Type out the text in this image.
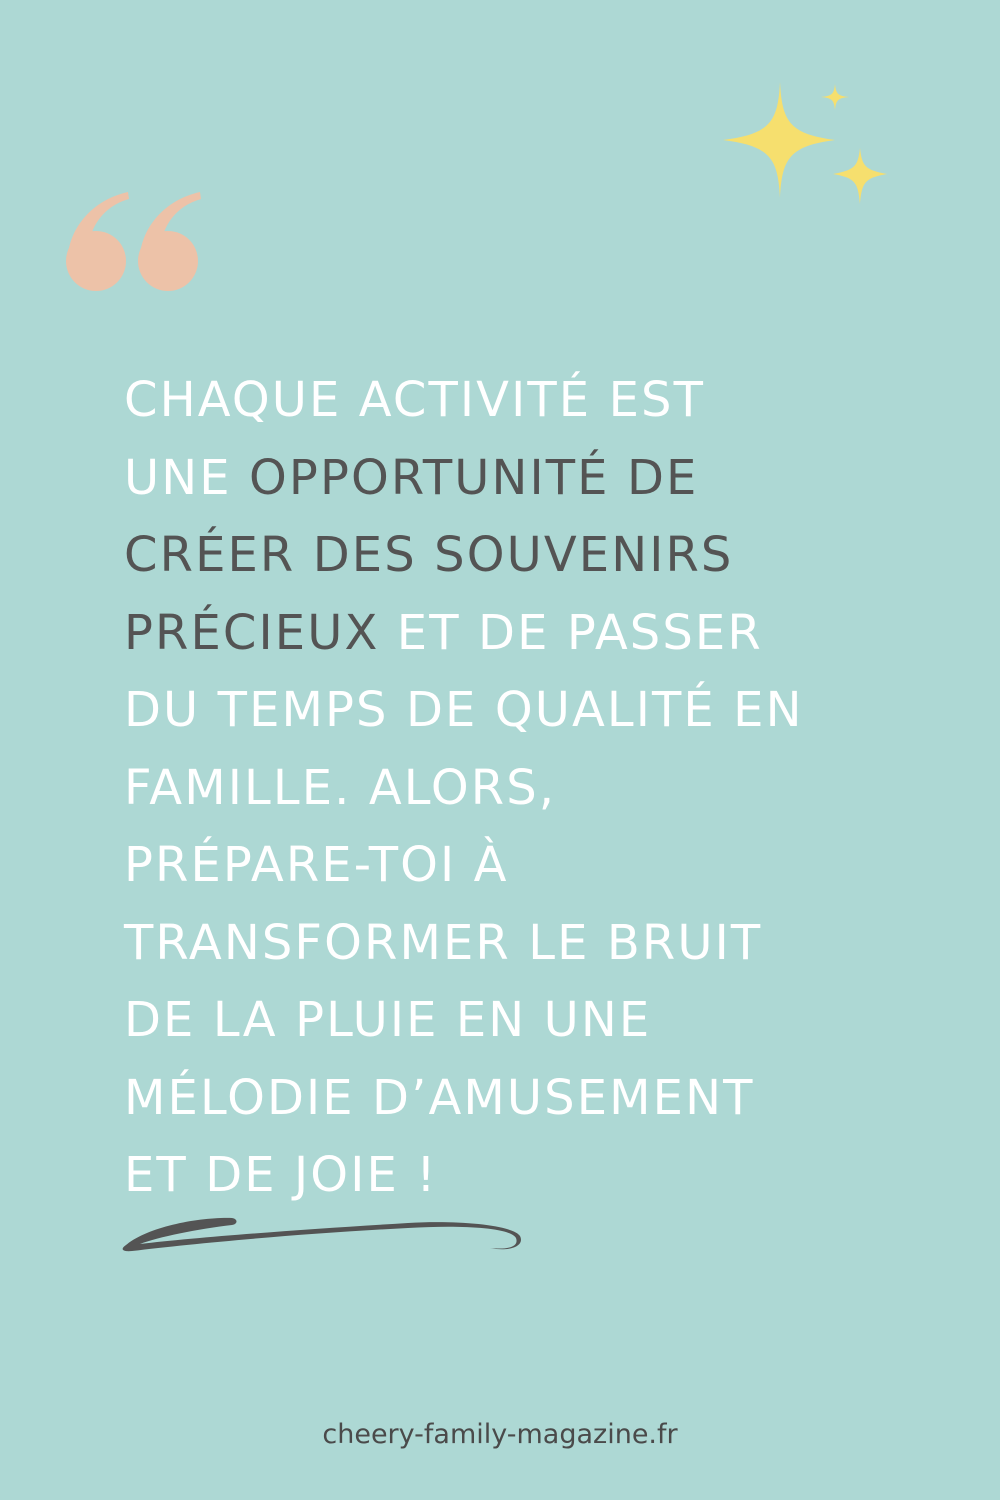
CHAQUE ACTIVITÉ EST
UNE OPPORTUNITÉ DE
CRÉER DES SOUVENIRS
PRÉCIEUX ET DE PASSER
DU TEMPS DE QUALITÉ EN
FAMILLE. ALORS,
PRÉPARE-TOI À
TRANSFORMER LE BRUIT
DE LA PLUIE EN UNE
MÉLODIE D’AMUSEMENT
ET DE JOIE !
cheery-family-magazine.fr
